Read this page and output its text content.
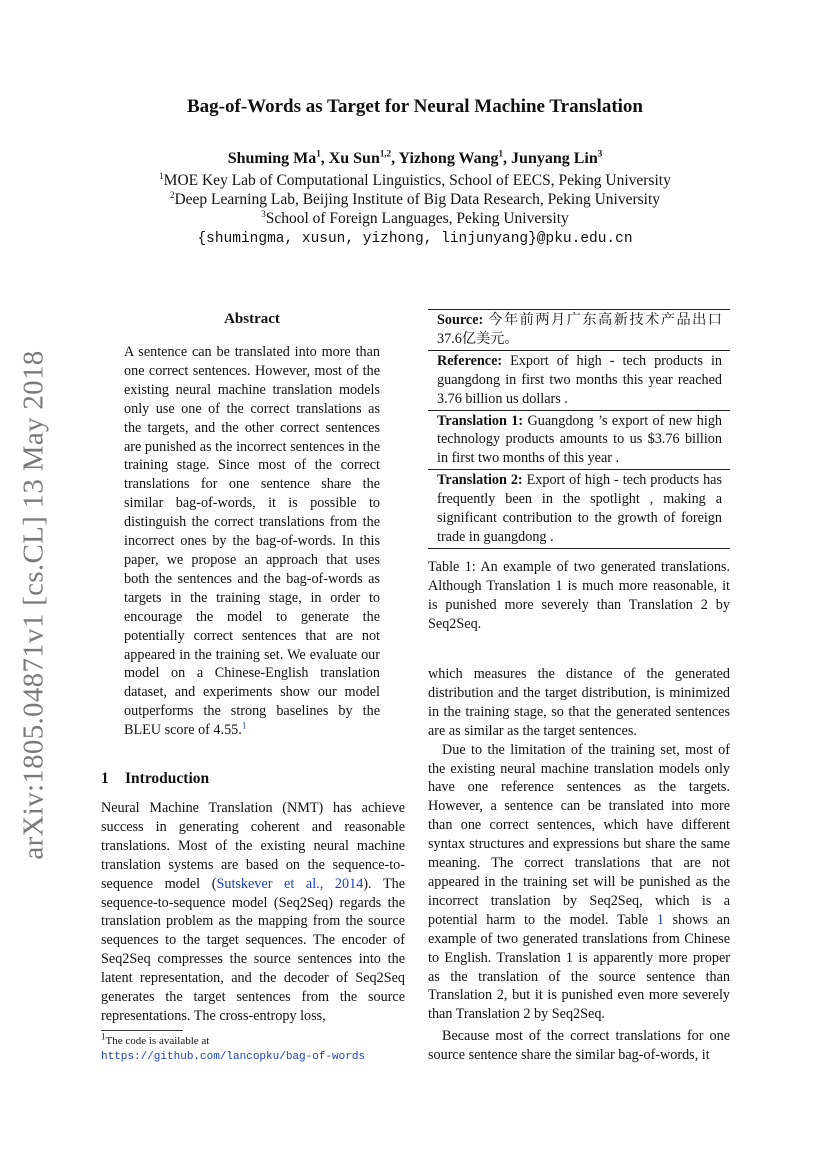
arXiv:1805.04871v1 [cs.CL] 13 May 2018
Bag-of-Words as Target for Neural Machine Translation
Shuming Ma$^1$, Xu Sun$^{1,2}$, Yizhong Wang$^1$, Junyang Lin$^3$
$^1$MOE Key Lab of Computational Linguistics, School of EECS, Peking University
$^2$Deep Learning Lab, Beijing Institute of Big Data Research, Peking University
$^3$School of Foreign Languages, Peking University
{shumingma, xusun, yizhong, linjunyang}@pku.edu.cn
Abstract
A sentence can be translated into more than one correct sentences. However, most of the existing neural machine translation models only use one of the correct translations as the targets, and the other correct sentences are punished as the incorrect sentences in the training stage. Since most of the correct translations for one sentence share the similar bag-of-words, it is possible to distinguish the correct translations from the incorrect ones by the bag-of-words. In this paper, we propose an approach that uses both the sentences and the bag-of-words as targets in the training stage, in order to encourage the model to generate the potentially correct sentences that are not appeared in the training set. We evaluate our model on a Chinese-English translation dataset, and experiments show our model outperforms the strong baselines by the BLEU score of 4.55.$^1$
1 Introduction
Neural Machine Translation (NMT) has achieve success in generating coherent and reasonable translations. Most of the existing neural machine translation systems are based on the sequence-to-sequence model (Sutskever et al., 2014). The sequence-to-sequence model (Seq2Seq) regards the translation problem as the mapping from the source sequences to the target sequences. The encoder of Seq2Seq compresses the source sentences into the latent representation, and the decoder of Seq2Seq generates the target sentences from the source representations. The cross-entropy loss,
$^1$The code is available at https://github.com/lancopku/bag-of-words
Source: 今年前两月广东高新技术产品出口37.6亿美元。
Reference: Export of high - tech products in guangdong in first two months this year reached 3.76 billion us dollars .
Translation 1: Guangdong ’s export of new high technology products amounts to us $3.76 billion in first two months of this year .
Translation 2: Export of high - tech products has frequently been in the spotlight , making a significant contribution to the growth of foreign trade in guangdong .
Table 1: An example of two generated translations. Although Translation 1 is much more reasonable, it is punished more severely than Translation 2 by Seq2Seq.

which measures the distance of the generated distribution and the target distribution, is minimized in the training stage, so that the generated sentences are as similar as the target sentences.

Due to the limitation of the training set, most of the existing neural machine translation models only have one reference sentences as the targets. However, a sentence can be translated into more than one correct sentences, which have different syntax structures and expressions but share the same meaning. The correct translations that are not appeared in the training set will be punished as the incorrect translation by Seq2Seq, which is a potential harm to the model. Table 1 shows an example of two generated translations from Chinese to English. Translation 1 is apparently more proper as the translation of the source sentence than Translation 2, but it is punished even more severely than Translation 2 by Seq2Seq.

Because most of the correct translations for one source sentence share the similar bag-of-words, it
